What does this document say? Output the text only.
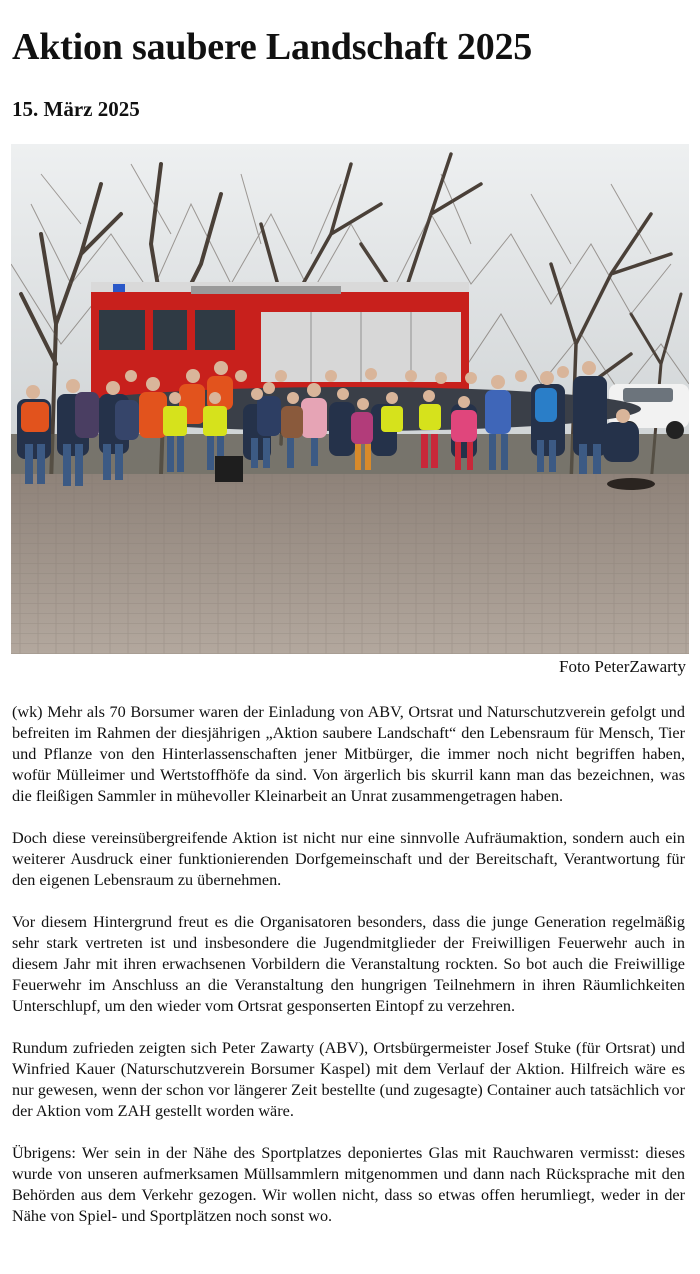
Aktion saubere Landschaft 2025
15. März 2025
Foto PeterZawarty

(wk) Mehr als 70 Borsumer waren der Einladung von ABV, Ortsrat und Naturschutzverein gefolgt und befreiten im Rahmen der diesjährigen „Aktion saubere Landschaft“ den Lebensraum für Mensch, Tier und Pflanze von den Hinterlassenschaften jener Mitbürger, die immer noch nicht begriffen haben, wofür Mülleimer und Wertstoffhöfe da sind. Von ärgerlich bis skurril kann man das bezeichnen, was die fleißigen Sammler in mühevoller Kleinarbeit an Unrat zusammengetragen haben.

Doch diese vereinsübergreifende Aktion ist nicht nur eine sinnvolle Aufräumaktion, sondern auch ein weiterer Ausdruck einer funktionierenden Dorfgemeinschaft und der Bereitschaft, Verantwortung für den eigenen Lebensraum zu übernehmen.

Vor diesem Hintergrund freut es die Organisatoren besonders, dass die junge Generation regelmäßig sehr stark vertreten ist und insbesondere die Jugendmitglieder der Freiwilligen Feuerwehr auch in diesem Jahr mit ihren erwachsenen Vorbildern die Veranstaltung rockten. So bot auch die Freiwillige Feuerwehr im Anschluss an die Veranstaltung den hungrigen Teilnehmern in ihren Räumlichkeiten Unterschlupf, um den wieder vom Ortsrat gesponserten Eintopf zu verzehren.

Rundum zufrieden zeigten sich Peter Zawarty (ABV), Ortsbürgermeister Josef Stuke (für Ortsrat) und Winfried Kauer (Naturschutzverein Borsumer Kaspel) mit dem Verlauf der Aktion. Hilfreich wäre es nur gewesen, wenn der schon vor längerer Zeit bestellte (und zugesagte) Container auch tatsächlich vor der Aktion vom ZAH gestellt worden wäre.

Übrigens: Wer sein in der Nähe des Sportplatzes deponiertes Glas mit Rauchwaren vermisst: dieses wurde von unseren aufmerksamen Müllsammlern mitgenommen und dann nach Rücksprache mit den Behörden aus dem Verkehr gezogen. Wir wollen nicht, dass so etwas offen herumliegt, weder in der Nähe von Spiel- und Sportplätzen noch sonst wo.
